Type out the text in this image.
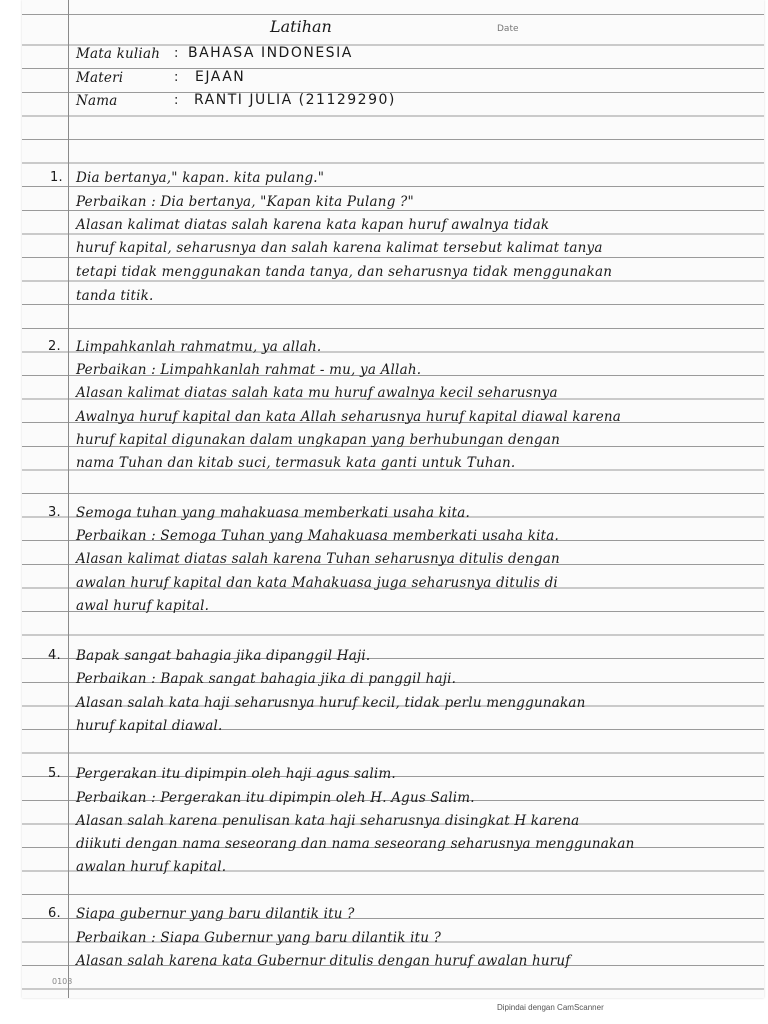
Latihan	Date
Mata kuliah : BAHASA INDONESIA
Materi	: EJAAN
Nama	: RANTI JULIA (21129290)
1. Dia bertanya," kapan. kita pulang."
Perbaikan : Dia bertanya, "Kapan kita Pulang ?"
Alasan kalimat diatas salah karena kata kapan huruf awalnya tidak
huruf kapital, seharusnya dan salah karena kalimat tersebut kalimat tanya
tetapi tidak menggunakan tanda tanya, dan seharusnya tidak menggunakan
tanda titik.
2. Limpahkanlah rahmatmu, ya allah.
Perbaikan : Limpahkanlah rahmat - mu, ya Allah.
Alasan kalimat diatas salah kata mu huruf awalnya kecil seharusnya
Awalnya huruf kapital dan kata Allah seharusnya huruf kapital diawal karena
huruf kapital digunakan dalam ungkapan yang berhubungan dengan
nama Tuhan dan kitab suci, termasuk kata ganti untuk Tuhan.
3. Semoga tuhan yang mahakuasa memberkati usaha kita.
Perbaikan : Semoga Tuhan yang Mahakuasa memberkati usaha kita.
Alasan kalimat diatas salah karena Tuhan seharusnya ditulis dengan
awalan huruf kapital dan kata Mahakuasa juga seharusnya ditulis di
awal huruf kapital.
4. Bapak sangat bahagia jika dipanggil Haji.
Perbaikan : Bapak sangat bahagia jika di panggil haji.
Alasan salah kata haji seharusnya huruf kecil, tidak perlu menggunakan
huruf kapital diawal.
5. Pergerakan itu dipimpin oleh haji agus salim.
Perbaikan : Pergerakan itu dipimpin oleh H. Agus Salim.
Alasan salah karena penulisan kata haji seharusnya disingkat H karena
diikuti dengan nama seseorang dan nama seseorang seharusnya menggunakan
awalan huruf kapital.
6. Siapa gubernur yang baru dilantik itu ?
Perbaikan : Siapa Gubernur yang baru dilantik itu ?
Alasan salah karena kata Gubernur ditulis dengan huruf awalan huruf
0103
Dipindai dengan CamScanner
